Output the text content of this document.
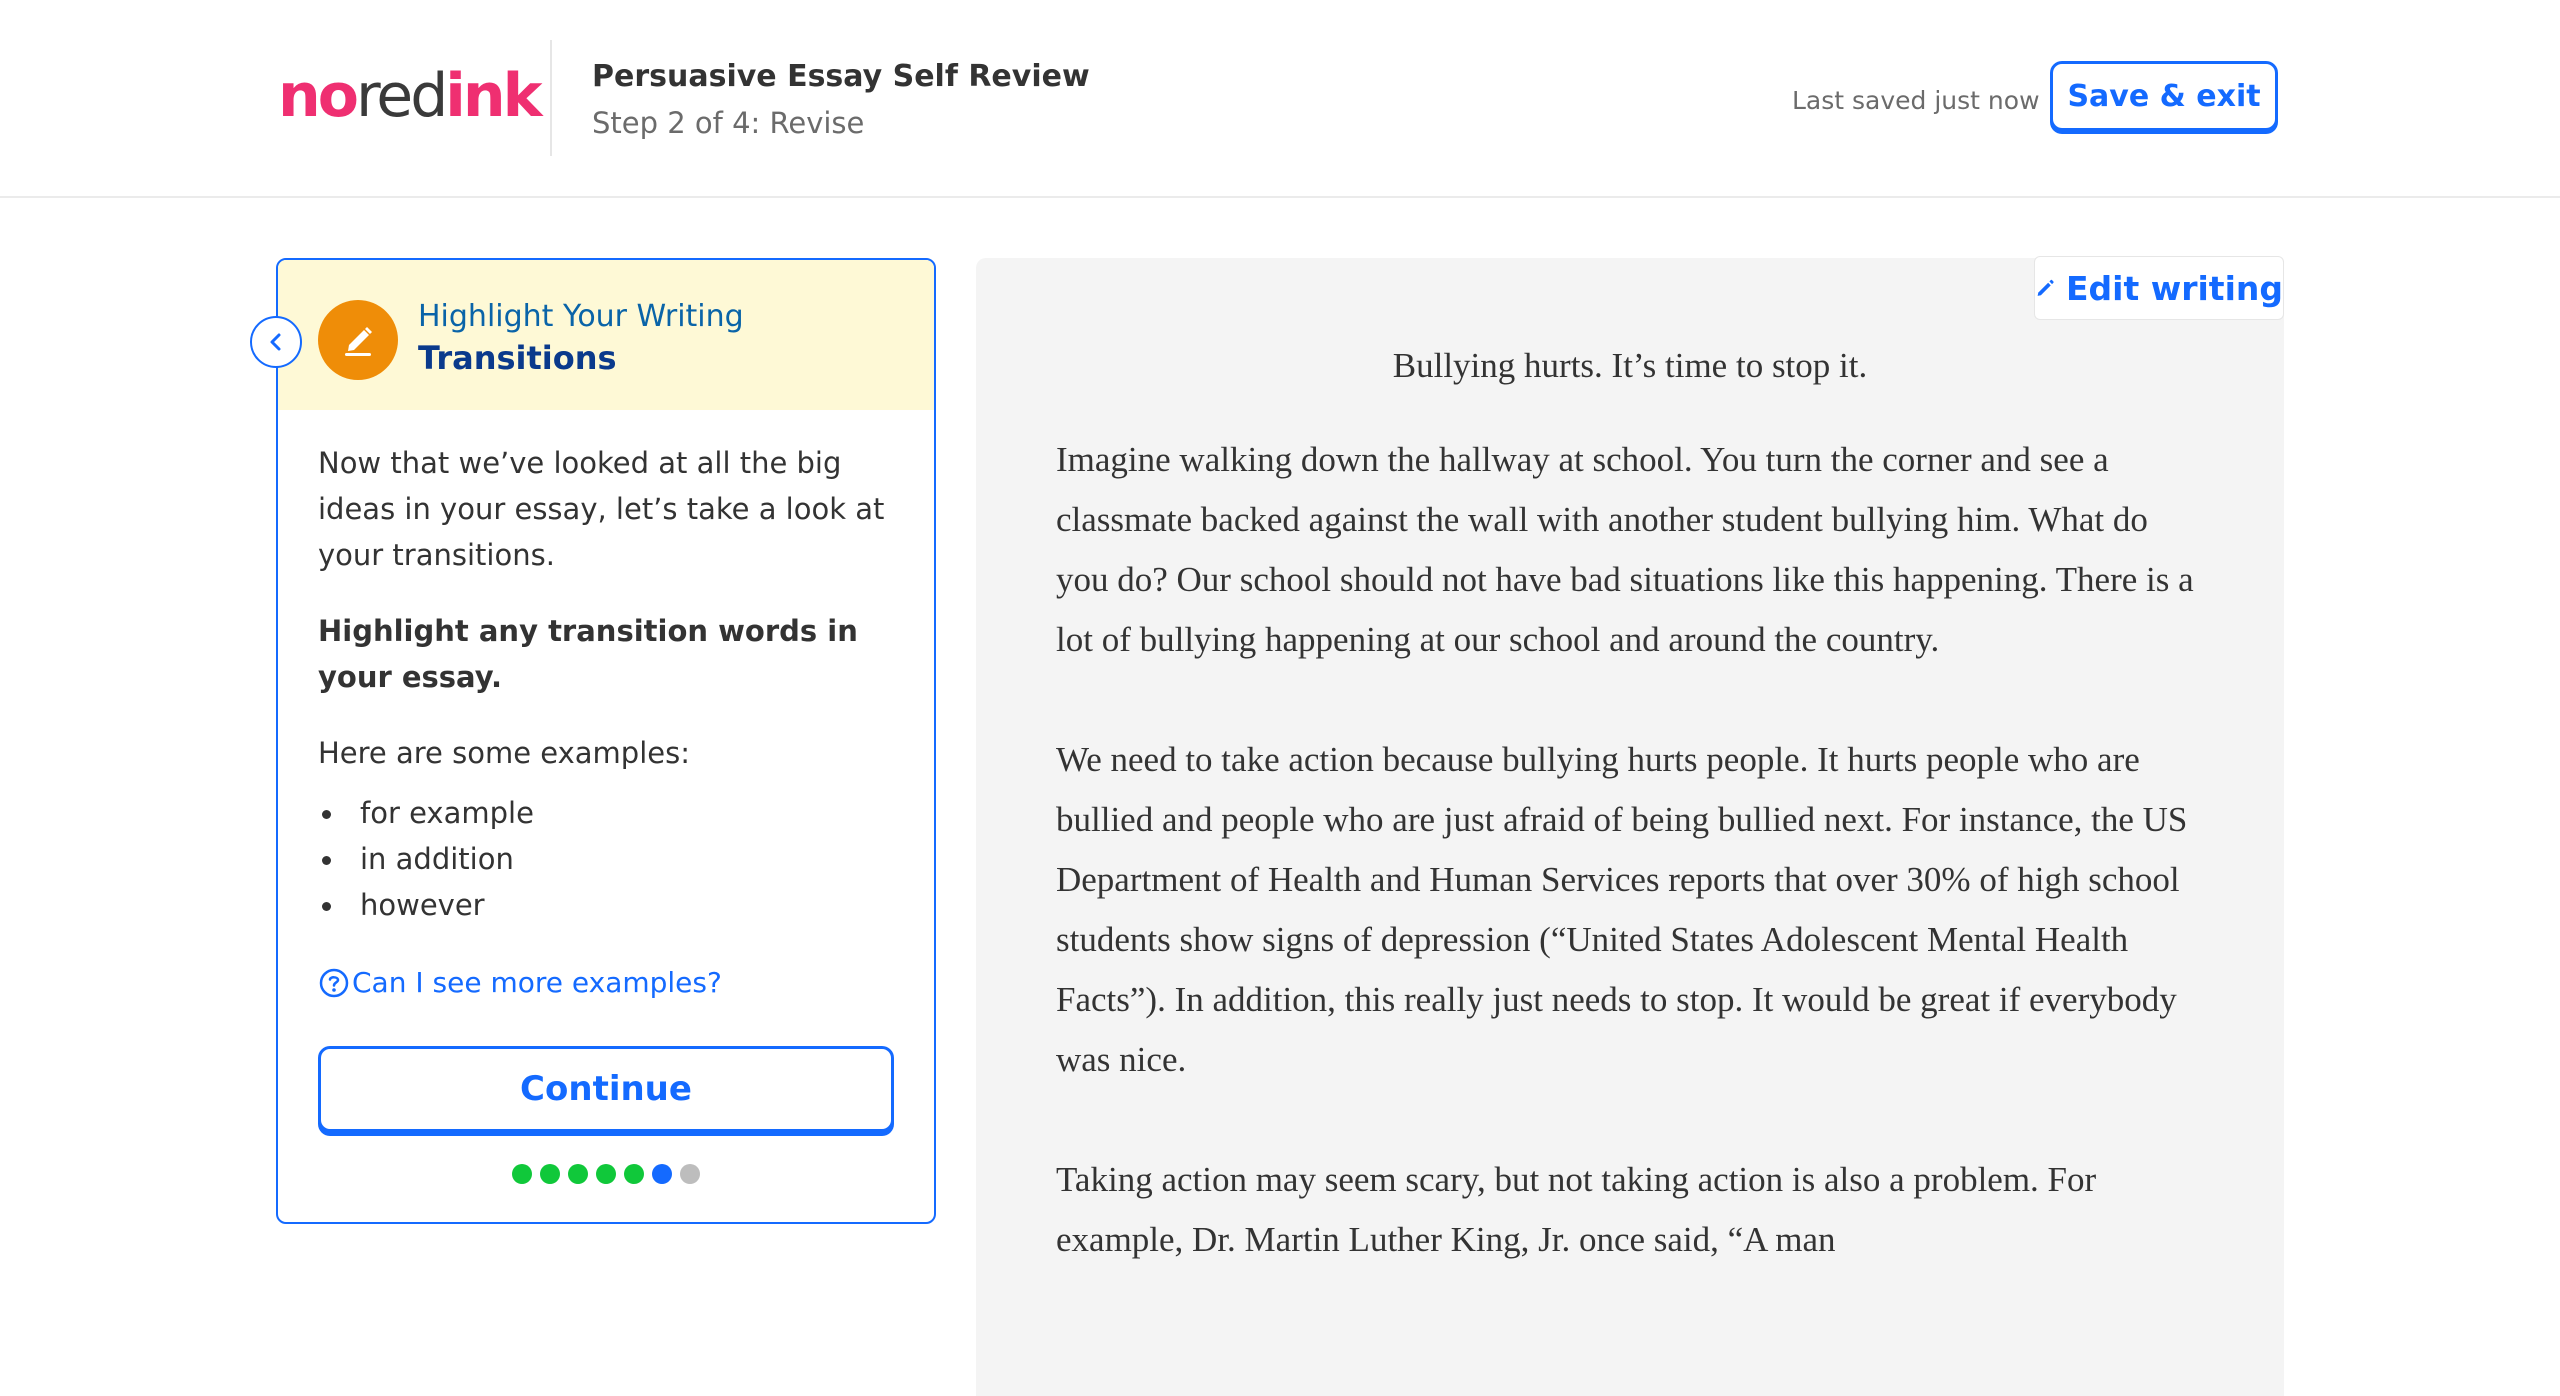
noredink Persuasive Essay Self Review
Step 2 of 4: Revise
Last saved just now Save & exit
Highlight Your Writing
Transitions

Now that we’ve looked at all the big ideas in your essay, let’s take a look at your transitions.

Highlight any transition words in your essay.

Here are some examples:

for example
in addition
however
Can I see more examples?
Continue
Edit writing
Bullying hurts. It’s time to stop it.

Imagine walking down the hallway at school. You turn the corner and see a classmate backed against the wall with another student bullying him. What do you do? Our school should not have bad situations like this happening. There is a lot of bullying happening at our school and around the country.

We need to take action because bullying hurts people. It hurts people who are bullied and people who are just afraid of being bullied next. For instance, the US Department of Health and Human Services reports that over 30% of high school students show signs of depression (“United States Adolescent Mental Health Facts”). In addition, this really just needs to stop. It would be great if everybody was nice.

Taking action may seem scary, but not taking action is also a problem. For example, Dr. Martin Luther King, Jr. once said, “A man
